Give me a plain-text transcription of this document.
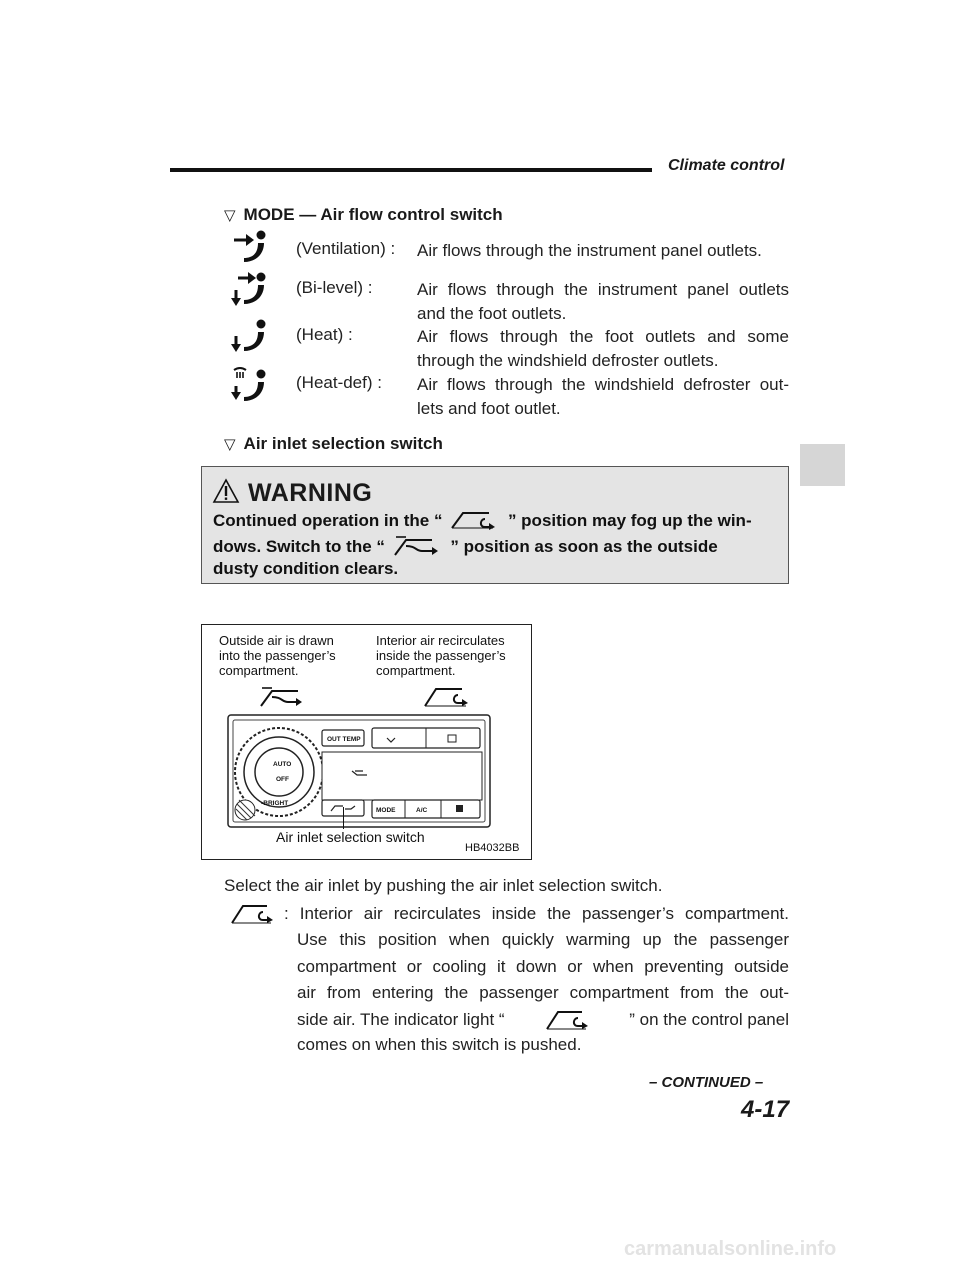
Climate control
▽ MODE — Air flow control switch
(Ventilation) : Air flows through the instrument panel outlets.
(Bi-level) :	Air flows through the instrument panel outlets
and the foot outlets.
(Heat) :	Air flows through the foot outlets and some
through the windshield defroster outlets.
(Heat-def) : Air flows through the windshield defroster out-
lets and foot outlet.
▽ Air inlet selection switch
WARNING
Continued operation in the “	” position may fog up the win-
dows. Switch to the “	” position as soon as the outside
dusty condition clears.
Outside air is drawn
into the passenger’s
compartment.
Interior air recirculates
inside the passenger’s
compartment.
OUT TEMP
AUTO
OFF
•BRIGHT
MODE	A/C
Air inlet selection switch
HB4032BB
Select the air inlet by pushing the air inlet selection switch.
: Interior air recirculates inside the passenger’s compartment.
Use this position when quickly warming up the passenger
compartment or cooling it down or when preventing outside
air from entering the passenger compartment from the out-
side air. The indicator light “	” on the control panel
comes on when this switch is pushed.
– CONTINUED –
4-17
carmanualsonline.info
